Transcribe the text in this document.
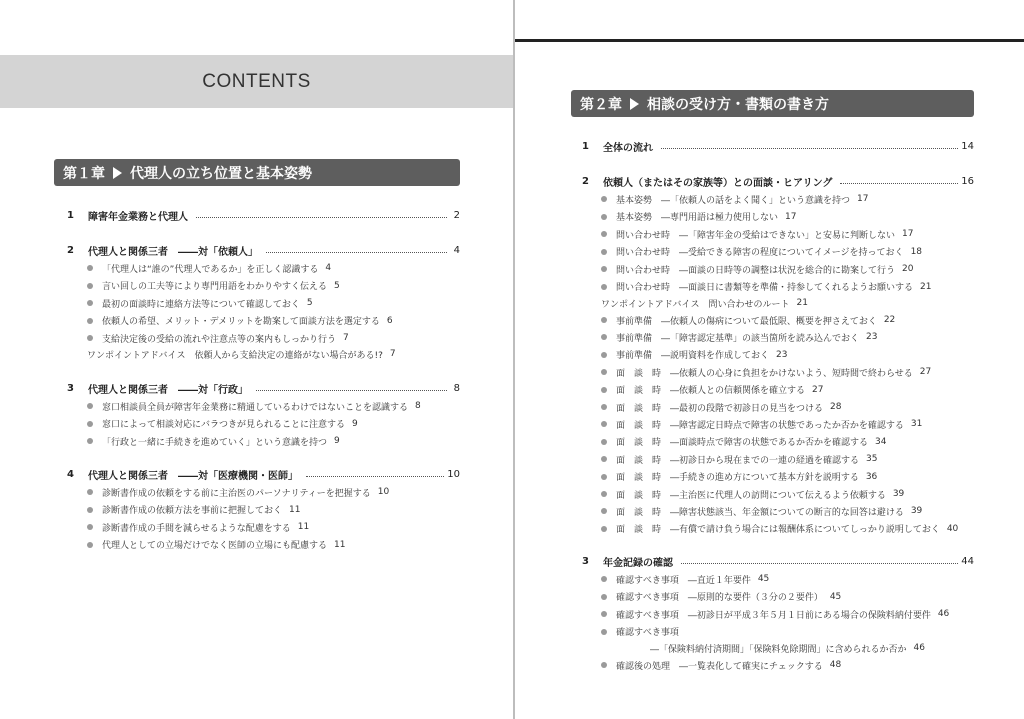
CONTENTS
第１章 代理人の立ち位置と基本姿勢
1	障害年金業務と代理人	2
2	代理人と関係三者　――対「依頼人」	4
「代理人は“誰の”代理人であるか」を正しく認識する 4
言い回しの工夫等により専門用語をわかりやすく伝える 5
最初の面談時に連絡方法等について確認しておく 5
依頼人の希望、メリット・デメリットを勘案して面談方法を選定する 6
支給決定後の受給の流れや注意点等の案内もしっかり行う 7
ワンポイントアドバイス　依頼人から支給決定の連絡がない場合がある!? 7
3	代理人と関係三者　――対「行政」	8
窓口相談員全員が障害年金業務に精通しているわけではないことを認識する 8
窓口によって相談対応にバラつきが見られることに注意する 9
「行政と一緒に手続きを進めていく」という意識を持つ 9
4	代理人と関係三者　――対「医療機関・医師」	10
診断書作成の依頼をする前に主治医のパーソナリティーを把握する 10
診断書作成の依頼方法を事前に把握しておく 11
診断書作成の手間を減らせるような配慮をする 11
代理人としての立場だけでなく医師の立場にも配慮する 11
第２章 相談の受け方・書類の書き方
1	全体の流れ	14
2	依頼人（またはその家族等）との面談・ヒアリング	16
基本姿勢　―「依頼人の話をよく聞く」という意識を持つ 17
基本姿勢　―専門用語は極力使用しない 17
問い合わせ時　―「障害年金の受給はできない」と安易に判断しない 17
問い合わせ時　―受給できる障害の程度についてイメージを持っておく 18
問い合わせ時　―面談の日時等の調整は状況を総合的に勘案して行う 20
問い合わせ時　―面談日に書類等を準備・持参してくれるようお願いする 21
ワンポイントアドバイス　問い合わせのルート 21
事前準備　―依頼人の傷病について最低限、概要を押さえておく 22
事前準備　―「障害認定基準」の該当箇所を読み込んでおく 23
事前準備　―説明資料を作成しておく 23
面　談　時　―依頼人の心身に負担をかけないよう、短時間で終わらせる 27
面　談　時　―依頼人との信頼関係を確立する 27
面　談　時　―最初の段階で初診日の見当をつける 28
面　談　時　―障害認定日時点で障害の状態であったか否かを確認する 31
面　談　時　―面談時点で障害の状態であるか否かを確認する 34
面　談　時　―初診日から現在までの一連の経過を確認する 35
面　談　時　―手続きの進め方について基本方針を説明する 36
面　談　時　―主治医に代理人の訪問について伝えるよう依頼する 39
面　談　時　―障害状態該当、年金額についての断言的な回答は避ける 39
面　談　時　―有償で請け負う場合には報酬体系についてしっかり説明しておく 40
3	年金記録の確認	44
確認すべき事項　―直近１年要件 45
確認すべき事項　―原則的な要件（３分の２要件） 45
確認すべき事項　―初診日が平成３年５月１日前にある場合の保険料納付要件 46
確認すべき事項
―「保険料納付済期間」「保険料免除期間」に含められるか否か 46
確認後の処理　―一覧表化して確実にチェックする 48
